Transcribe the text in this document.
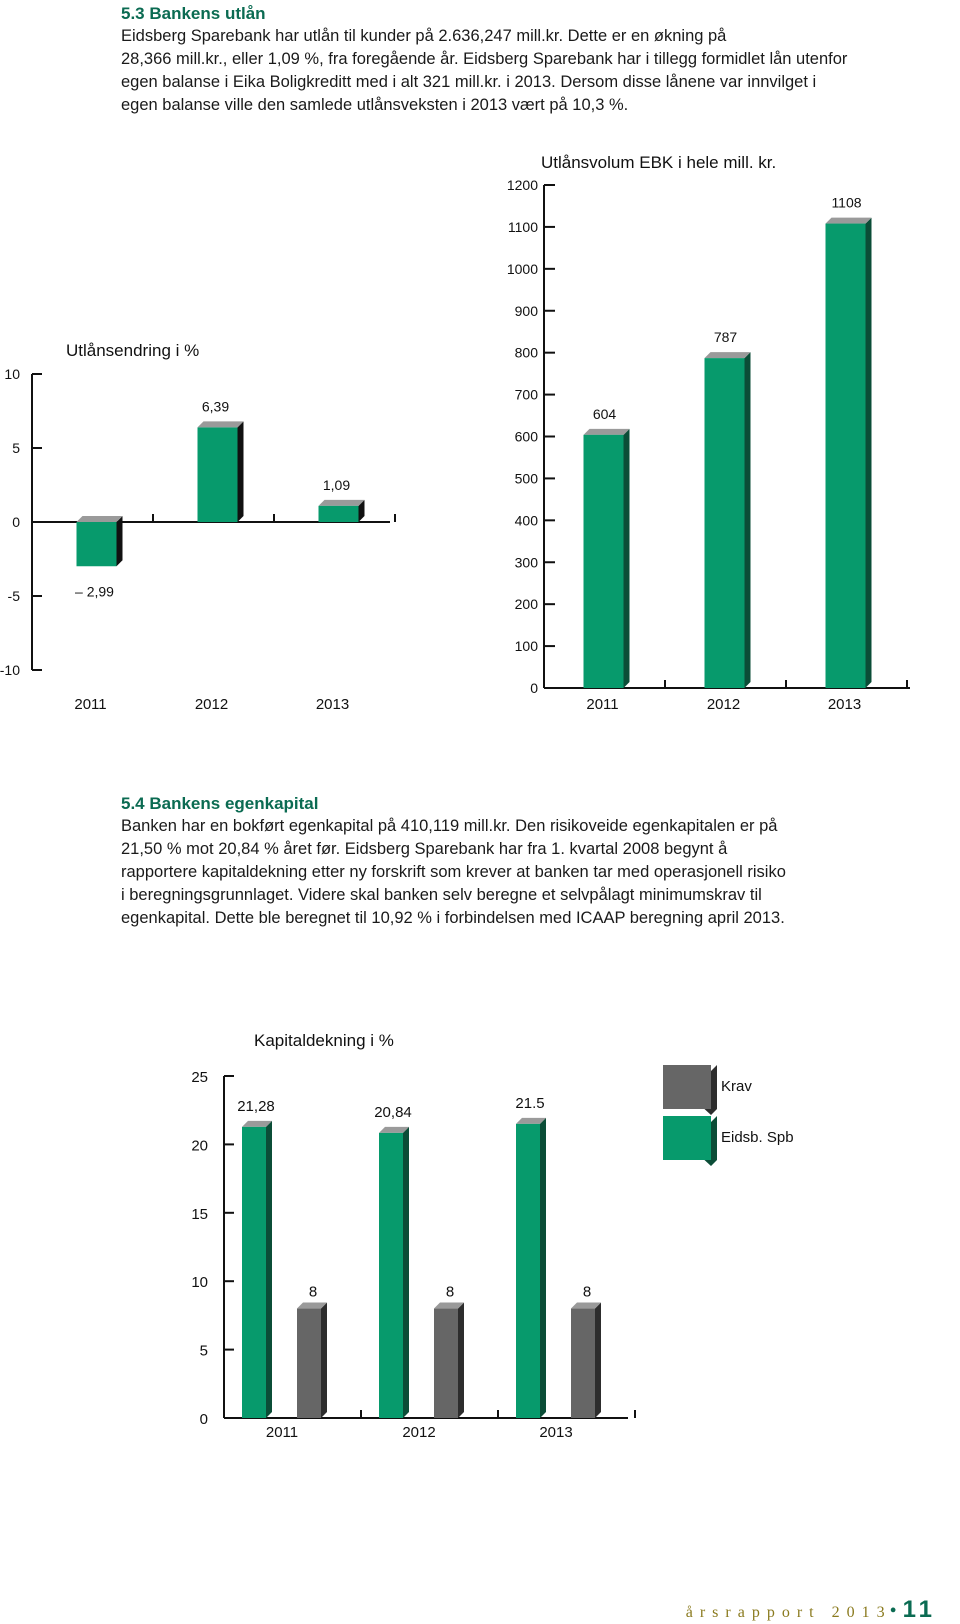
5.3 Bankens utlån

Eidsberg Sparebank har utlån til kunder på 2.636,247 mill.kr. Dette er en økning på

28,366 mill.kr., eller 1,09 %, fra foregående år. Eidsberg Sparebank har i tillegg formidlet lån utenfor

egen balanse i Eika Boligkreditt med i alt 321 mill.kr. i 2013. Dersom disse lånene var innvilget i

egen balanse ville den samlede utlånsveksten i 2013 vært på 10,3 %.

Utlånsendring i %
10
5
0
-5
-10
– 2,99
2011
6,39
2012
1,09
2013
Utlånsvolum EBK i hele mill. kr.
1200
1100
1000
900
800
700
600
500
400
300
200
100
0
604
2011
787
2012
1108
2013
5.4 Bankens egenkapital

Banken har en bokført egenkapital på 410,119 mill.kr. Den risikoveide egenkapitalen er på

21,50 % mot 20,84 % året før. Eidsberg Sparebank har fra 1. kvartal 2008 begynt å

rapportere kapitaldekning etter ny forskrift som krever at banken tar med operasjonell risiko

i beregningsgrunnlaget. Videre skal banken selv beregne et selvpålagt minimumskrav til

egenkapital. Dette ble beregnet til 10,92 % i forbindelsen med ICAAP beregning april 2013.

Kapitaldekning i %
25
20
15
10
5
0
21,28
8
2011
20,84
8
2012
21.5
8
2013
Krav
Eidsb. Spb
årsrapport 2013• 11
